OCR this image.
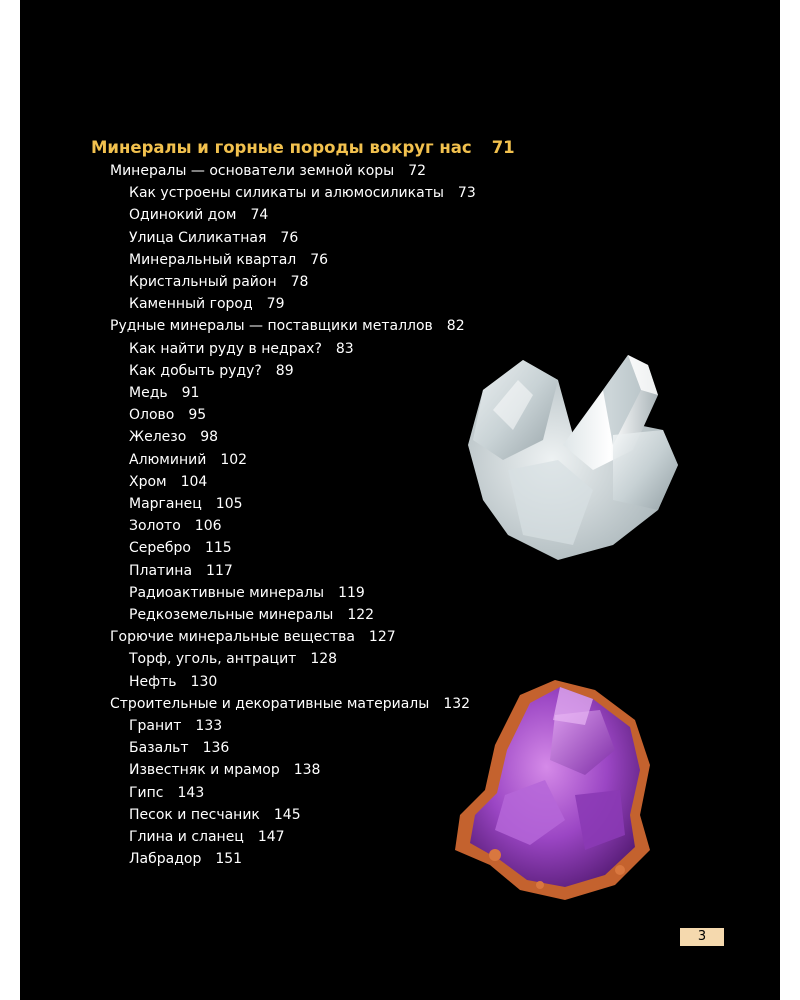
Минералы и горные породы вокруг нас 71
Минералы — основатели земной коры 72
Как устроены силикаты и алюмосиликаты 73
Одинокий дом 74
Улица Силикатная 76
Минеральный квартал 76
Кристальный район 78
Каменный город 79
Рудные минералы — поставщики металлов 82
Как найти руду в недрах? 83
Как добыть руду? 89
Медь 91
Олово 95
Железо 98
Алюминий 102
Хром 104
Марганец 105
Золото 106
Серебро 115
Платина 117
Радиоактивные минералы 119
Редкоземельные минералы 122
Горючие минеральные вещества 127
Торф, уголь, антрацит 128
Нефть 130
Строительные и декоративные материалы 132
Гранит 133
Базальт 136
Известняк и мрамор 138
Гипс 143
Песок и песчаник 145
Глина и сланец 147
Лабрадор 151
3
